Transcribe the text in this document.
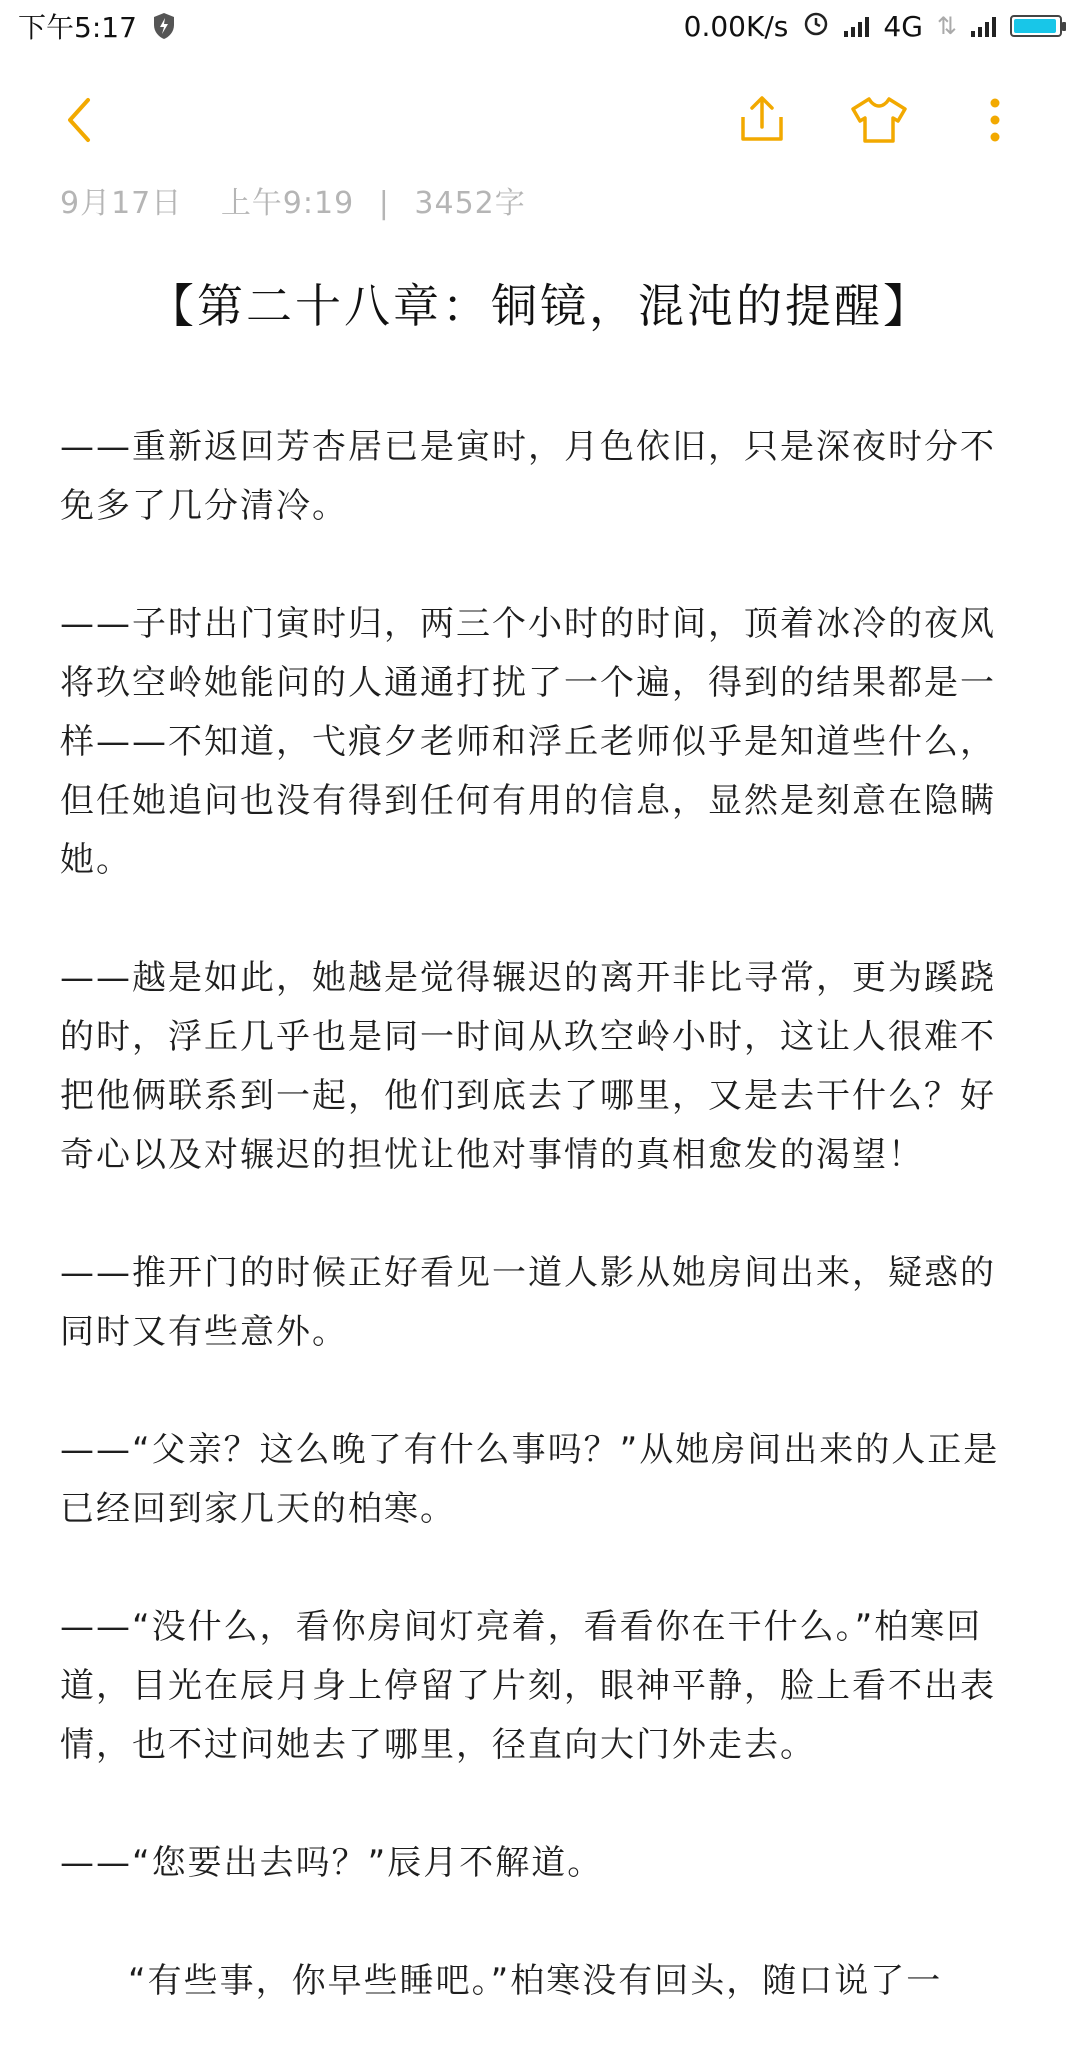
下午5:17	0.00K/s	4G ⇅
9月17日 上午9:19 | 3452字
【第二十八章：铜镜，混沌的提醒】

——重新返回芳杏居已是寅时，月色依旧，只是深夜时分不免多了几分清冷。

——子时出门寅时归，两三个小时的时间，顶着冰冷的夜风将玖空岭她能问的人通通打扰了一个遍，得到的结果都是一样——不知道，弋痕夕老师和浮丘老师似乎是知道些什么，但任她追问也没有得到任何有用的信息，显然是刻意在隐瞒她。

——越是如此，她越是觉得辗迟的离开非比寻常，更为蹊跷的时，浮丘几乎也是同一时间从玖空岭小时，这让人很难不把他俩联系到一起，他们到底去了哪里，又是去干什么？好奇心以及对辗迟的担忧让他对事情的真相愈发的渴望！

——推开门的时候正好看见一道人影从她房间出来，疑惑的同时又有些意外。

——“父亲？这么晚了有什么事吗？”从她房间出来的人正是已经回到家几天的柏寒。

——“没什么，看你房间灯亮着，看看你在干什么。”柏寒回道，目光在辰月身上停留了片刻，眼神平静，脸上看不出表情，也不过问她去了哪里，径直向大门外走去。

——“您要出去吗？”辰月不解道。

“有些事，你早些睡吧。”柏寒没有回头，随口说了一
